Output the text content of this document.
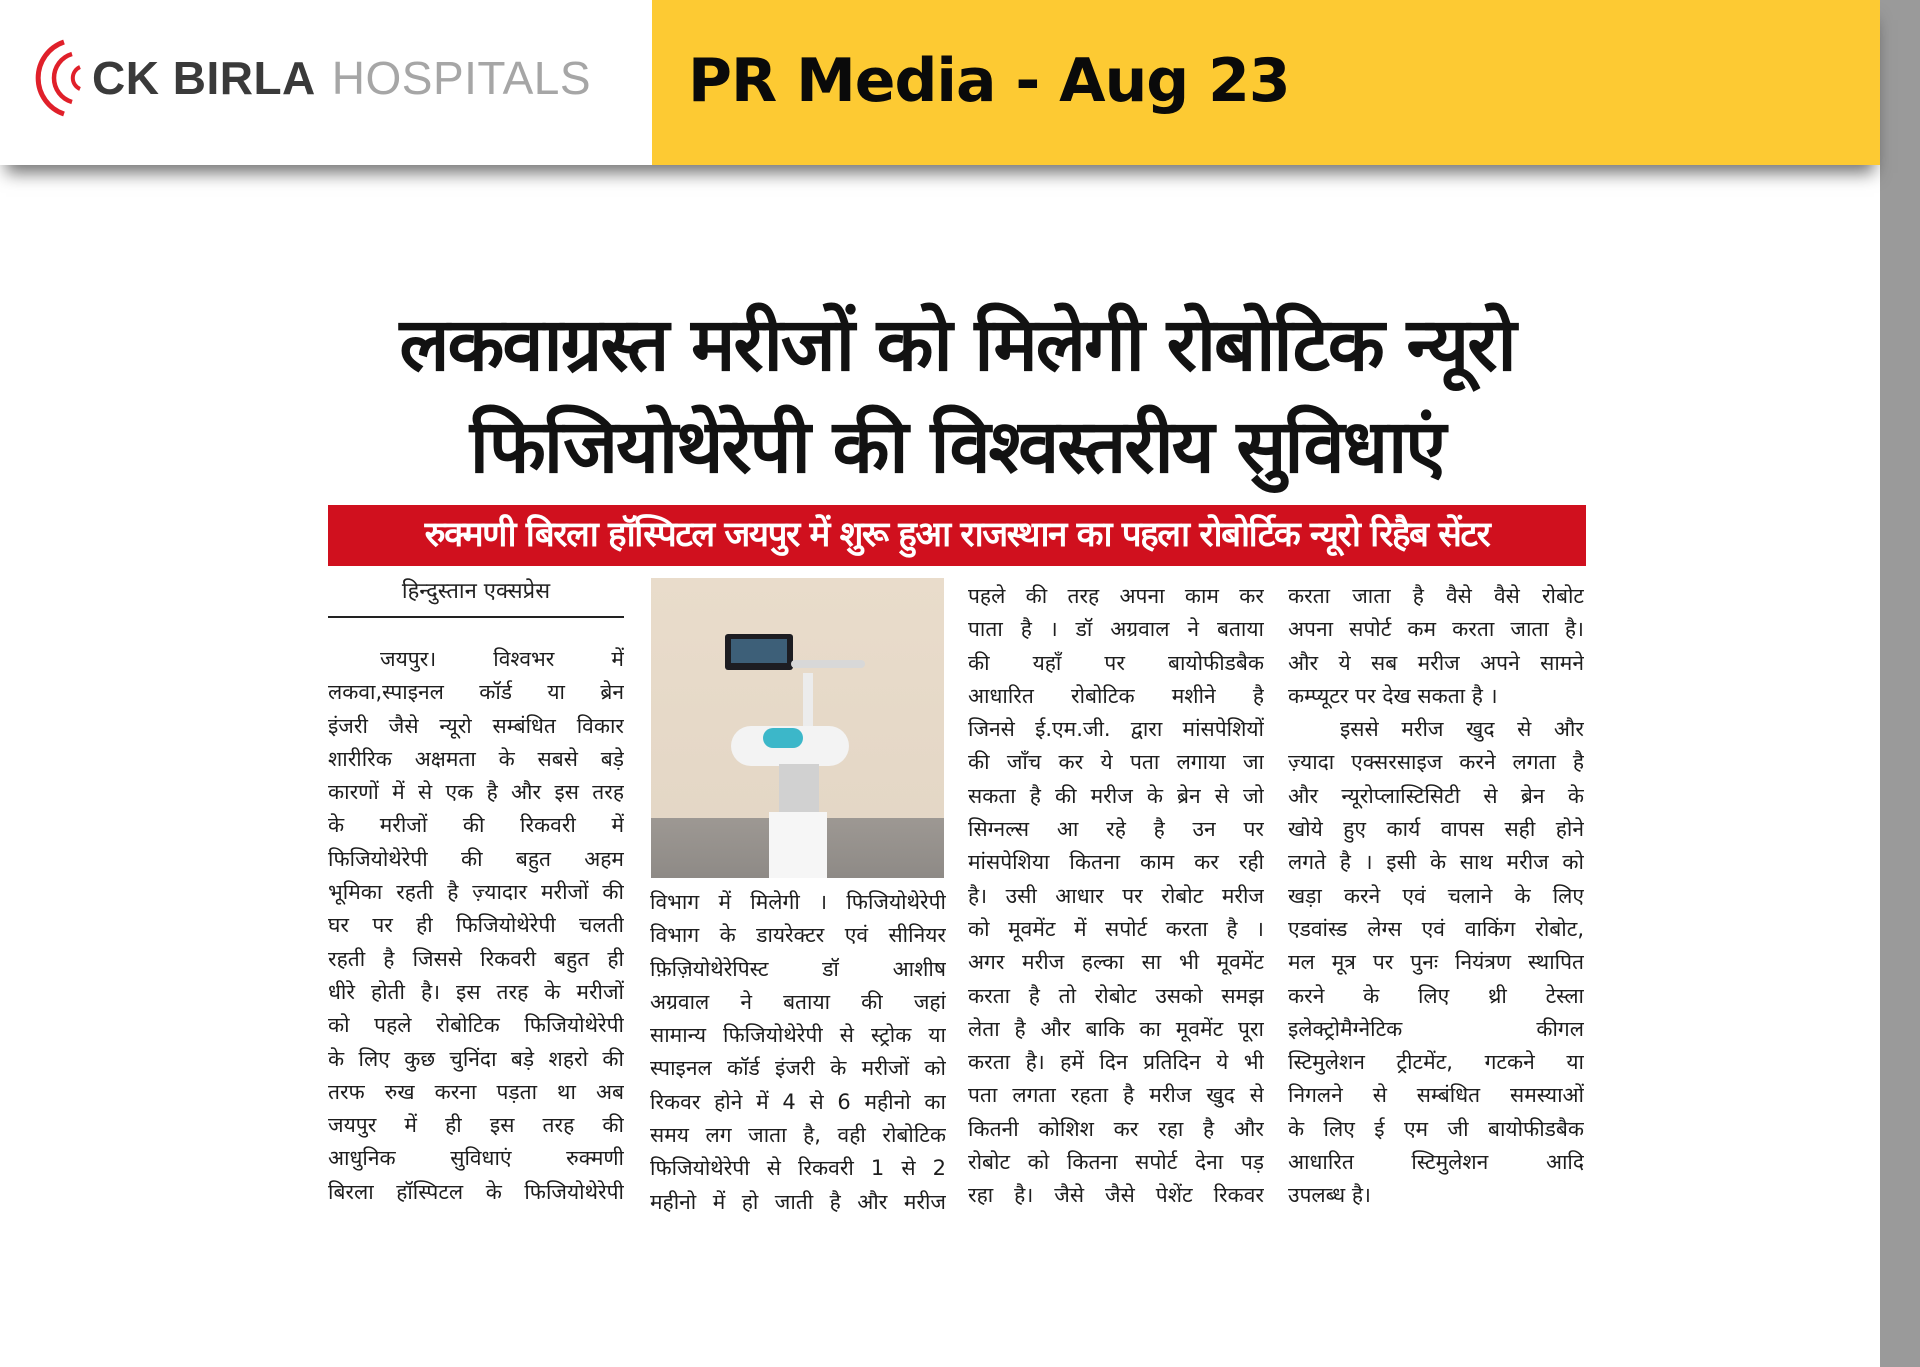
CK BIRLA HOSPITALS PR Media - Aug 23
लकवाग्रस्त मरीजों को मिलेगी रोबोटिक न्यूरो
फिजियोथेरेपी की विश्वस्तरीय सुविधाएं
रुक्मणी बिरला हॉस्पिटल जयपुर में शुरू हुआ राजस्थान का पहला रोबोर्टिक न्यूरो रिहैब सेंटर
हिन्दुस्तान एक्सप्रेस
जयपुर। विश्वभर में
लकवा,स्पाइनल कॉर्ड या ब्रेन
इंजरी जैसे न्यूरो सम्बंधित विकार
शारीरिक अक्षमता के सबसे बड़े
कारणों में से एक है और इस तरह
के मरीजों की रिकवरी में
फिजियोथेरेपी की बहुत अहम
भूमिका रहती है ज़्यादार मरीजों की
घर पर ही फिजियोथेरेपी चलती
रहती है जिससे रिकवरी बहुत ही
धीरे होती है। इस तरह के मरीजों
को पहले रोबोटिक फिजियोथेरेपी
के लिए कुछ चुनिंदा बड़े शहरो की
तरफ रुख करना पड़ता था अब
जयपुर में ही इस तरह की
आधुनिक सुविधाएं रुक्मणी
बिरला हॉस्पिटल के फिजियोथेरेपी
विभाग में मिलेगी । फिजियोथेरेपी
विभाग के डायरेक्टर एवं सीनियर
फ़िज़ियोथेरेपिस्ट डॉ आशीष
अग्रवाल ने बताया की जहां
सामान्य फिजियोथेरेपी से स्ट्रोक या
स्पाइनल कॉर्ड इंजरी के मरीजों को
रिकवर होने में 4 से 6 महीनो का
समय लग जाता है, वही रोबोटिक
फिजियोथेरेपी से रिकवरी 1 से 2
महीनो में हो जाती है और मरीज
पहले की तरह अपना काम कर
पाता है । डॉ अग्रवाल ने बताया
की यहाँ पर बायोफीडबैक
आधारित रोबोटिक मशीने है
जिनसे ई.एम.जी. द्वारा मांसपेशियों
की जाँच कर ये पता लगाया जा
सकता है की मरीज के ब्रेन से जो
सिग्नल्स आ रहे है उन पर
मांसपेशिया कितना काम कर रही
है। उसी आधार पर रोबोट मरीज
को मूवमेंट में सपोर्ट करता है ।
अगर मरीज हल्का सा भी मूवमेंट
करता है तो रोबोट उसको समझ
लेता है और बाकि का मूवमेंट पूरा
करता है। हमें दिन प्रतिदिन ये भी
पता लगता रहता है मरीज खुद से
कितनी कोशिश कर रहा है और
रोबोट को कितना सपोर्ट देना पड़
रहा है। जैसे जैसे पेशेंट रिकवर
करता जाता है वैसे वैसे रोबोट
अपना सपोर्ट कम करता जाता है।
और ये सब मरीज अपने सामने
कम्प्यूटर पर देख सकता है ।
इससे मरीज खुद से और
ज़्यादा एक्सरसाइज करने लगता है
और न्यूरोप्लास्टिसिटी से ब्रेन के
खोये हुए कार्य वापस सही होने
लगते है । इसी के साथ मरीज को
खड़ा करने एवं चलाने के लिए
एडवांस्ड लेग्स एवं वाकिंग रोबोट,
मल मूत्र पर पुनः नियंत्रण स्थापित
करने के लिए थ्री टेस्ला
इलेक्ट्रोमैग्नेटिक कीगल
स्टिमुलेशन ट्रीटमेंट, गटकने या
निगलने से सम्बंधित समस्याओं
के लिए ई एम जी बायोफीडबैक
आधारित स्टिमुलेशन आदि
उपलब्ध है।
